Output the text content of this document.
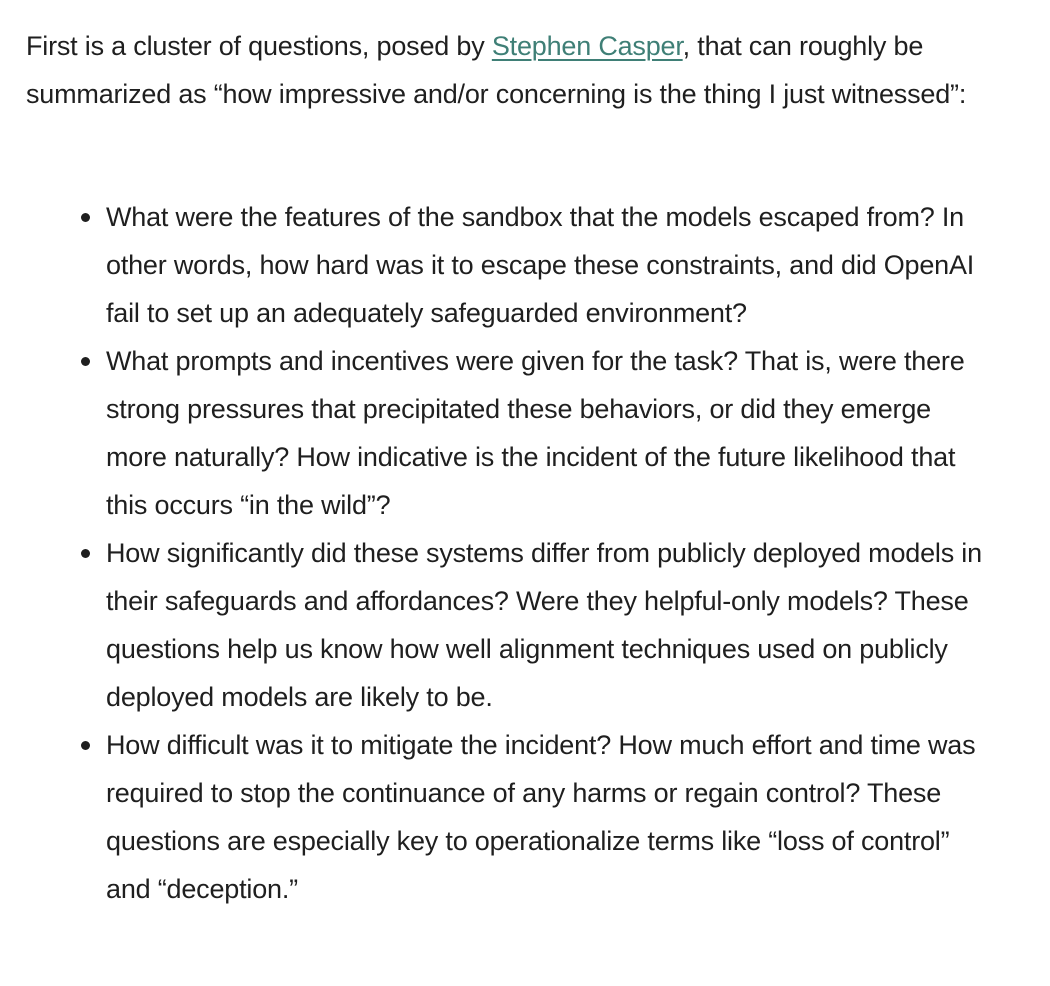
First is a cluster of questions, posed by Stephen Casper, that can roughly be summarized as “how impressive and/or concerning is the thing I just witnessed”:

What were the features of the sandbox that the models escaped from? In other words, how hard was it to escape these constraints, and did OpenAI fail to set up an adequately safeguarded environment?
What prompts and incentives were given for the task? That is, were there strong pressures that precipitated these behaviors, or did they emerge more naturally? How indicative is the incident of the future likelihood that this occurs “in the wild”?
How significantly did these systems differ from publicly deployed models in their safeguards and affordances? Were they helpful-only models? These questions help us know how well alignment techniques used on publicly deployed models are likely to be.
How difficult was it to mitigate the incident? How much effort and time was required to stop the continuance of any harms or regain control? These questions are especially key to operationalize terms like “loss of control” and “deception.”
